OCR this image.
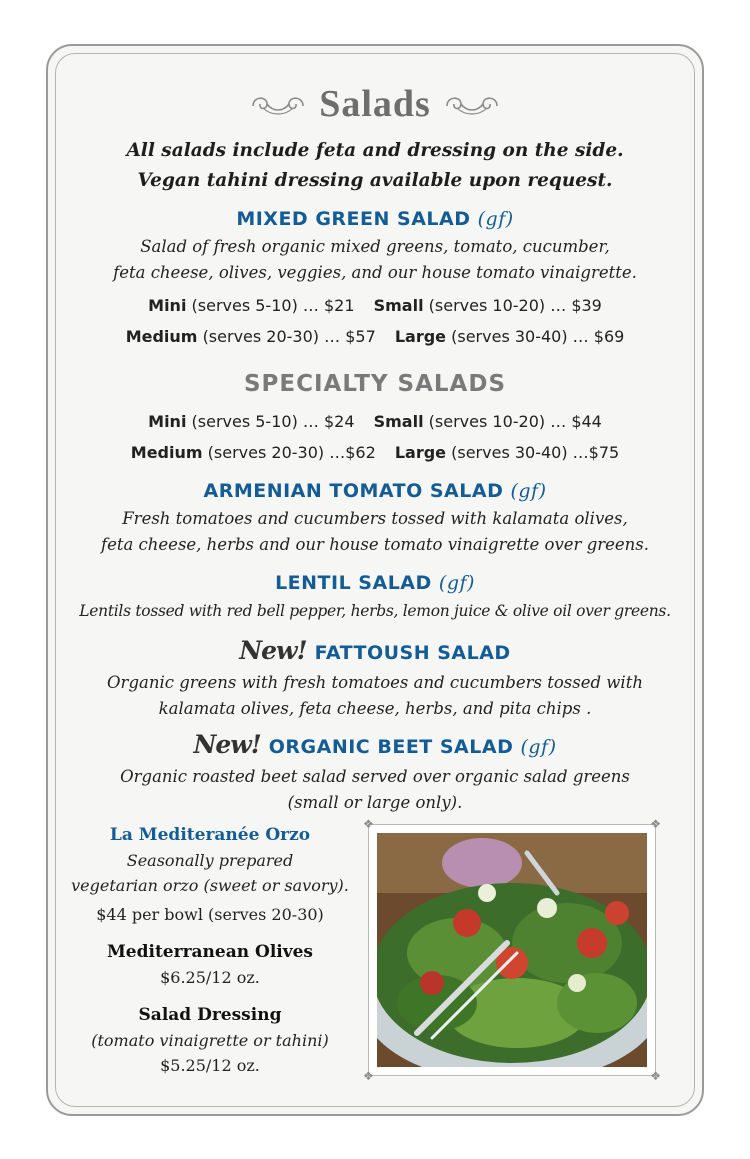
Salads
All salads include feta and dressing on the side.
Vegan tahini dressing available upon request.
MIXED GREEN SALAD (gf)
Salad of fresh organic mixed greens, tomato, cucumber,
feta cheese, olives, veggies, and our house tomato vinaigrette.
Mini (serves 5-10) … $21 Small (serves 10-20) … $39
Medium (serves 20-30) … $57 Large (serves 30-40) … $69
SPECIALTY SALADS
Mini (serves 5-10) … $24 Small (serves 10-20) … $44
Medium (serves 20-30) …$62 Large (serves 30-40) …$75
ARMENIAN TOMATO SALAD (gf)
Fresh tomatoes and cucumbers tossed with kalamata olives,
feta cheese, herbs and our house tomato vinaigrette over greens.
LENTIL SALAD (gf)
Lentils tossed with red bell pepper, herbs, lemon juice & olive oil over greens.
New! FATTOUSH SALAD
Organic greens with fresh tomatoes and cucumbers tossed with
kalamata olives, feta cheese, herbs, and pita chips .
New! ORGANIC BEET SALAD (gf)
Organic roasted beet salad served over organic salad greens
(small or large only).
La Mediteranée Orzo
Seasonally prepared
vegetarian orzo (sweet or savory).
$44 per bowl (serves 20-30)
Mediterranean Olives
$6.25/12 oz.
Salad Dressing
(tomato vinaigrette or tahini)
$5.25/12 oz.
❖	❖
❖	❖
